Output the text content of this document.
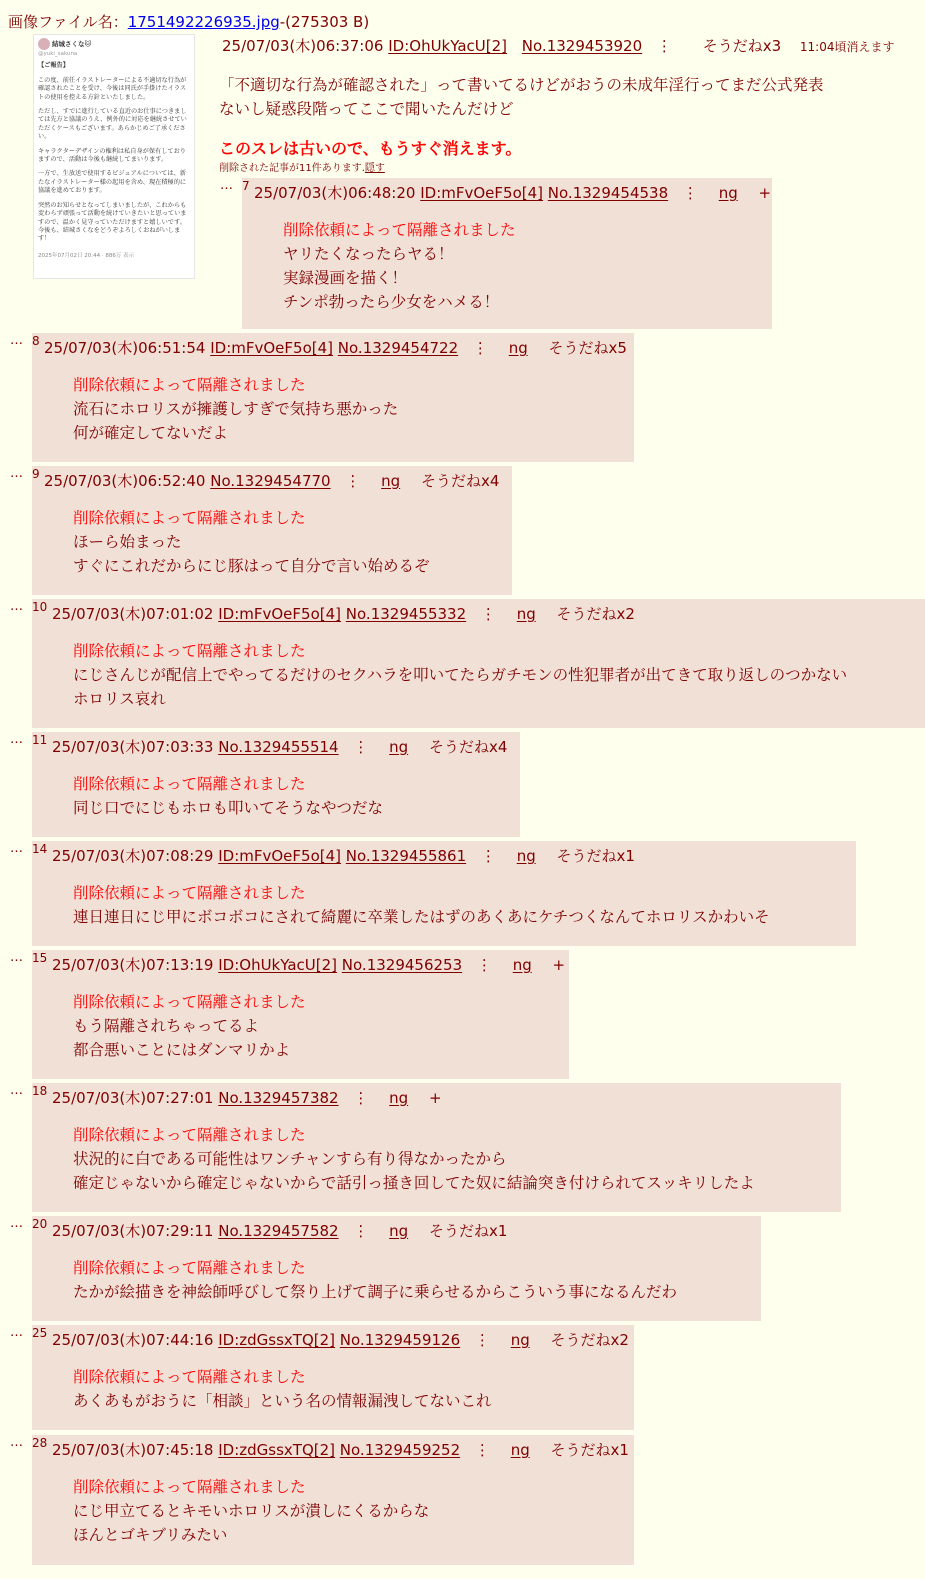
画像ファイル名：1751492226935.jpg-(275303 B)
結城さくな🐱
@yuki_sakuna

【ご報告】

この度、前任イラストレーターによる不適切な行為が確認されたことを受け、今後は同氏が手掛けたイラストの使用を控える方針といたしました。

ただし、すでに進行している直近のお仕事につきましては先方と協議のうえ、例外的に対応を継続させていただくケースもございます。あらかじめご了承ください。

キャラクターデザインの権利は私自身が保有しておりますので、活動は今後も継続してまいります。

一方で、生放送で使用するビジュアルについては、新たなイラストレーター様の起用を含め、現在積極的に協議を進めております。

突然のお知らせとなってしまいましたが、これからも変わらず頑張って活動を続けていきたいと思っていますので、温かく見守っていただけますと嬉しいです。今後も、結城さくなをどうぞよろしくおねがいします！

2025年07月02日 20:44 · 886万 表示
25/07/03(木)06:37:06 ID:OhUkYacU[2] No.1329453920 ⋮ そうだねx3 11:04頃消えます
「不適切な行為が確認された」って書いてるけどがおうの未成年淫行ってまだ公式発表
ないし疑惑段階ってここで聞いたんだけど
このスレは古いので、もうすぐ消えます。
削除された記事が11件あります.隠す
… 7 25/07/03(木)06:48:20 ID:mFvOeF5o[4] No.1329454538 ⋮ ng +
削除依頼によって隔離されました
ヤリたくなったらヤる！
実録漫画を描く！
チンポ勃ったら少女をハメる！
… 8 25/07/03(木)06:51:54 ID:mFvOeF5o[4] No.1329454722 ⋮ ng そうだねx5
削除依頼によって隔離されました
流石にホロリスが擁護しすぎで気持ち悪かった
何が確定してないだよ
… 9 25/07/03(木)06:52:40 No.1329454770 ⋮ ng そうだねx4
削除依頼によって隔離されました
ほーら始まった
すぐにこれだからにじ豚はって自分で言い始めるぞ
… 10 25/07/03(木)07:01:02 ID:mFvOeF5o[4] No.1329455332 ⋮ ng そうだねx2
削除依頼によって隔離されました
にじさんじが配信上でやってるだけのセクハラを叩いてたらガチモンの性犯罪者が出てきて取り返しのつかない
ホロリス哀れ
… 11 25/07/03(木)07:03:33 No.1329455514 ⋮ ng そうだねx4
削除依頼によって隔離されました
同じ口でにじもホロも叩いてそうなやつだな
… 14 25/07/03(木)07:08:29 ID:mFvOeF5o[4] No.1329455861 ⋮ ng そうだねx1
削除依頼によって隔離されました
連日連日にじ甲にボコボコにされて綺麗に卒業したはずのあくあにケチつくなんてホロリスかわいそ
… 15 25/07/03(木)07:13:19 ID:OhUkYacU[2] No.1329456253 ⋮ ng +
削除依頼によって隔離されました
もう隔離されちゃってるよ
都合悪いことにはダンマリかよ
… 18 25/07/03(木)07:27:01 No.1329457382 ⋮ ng +
削除依頼によって隔離されました
状況的に白である可能性はワンチャンすら有り得なかったから
確定じゃないから確定じゃないからで話引っ掻き回してた奴に結論突き付けられてスッキリしたよ
… 20 25/07/03(木)07:29:11 No.1329457582 ⋮ ng そうだねx1
削除依頼によって隔離されました
たかが絵描きを神絵師呼びして祭り上げて調子に乗らせるからこういう事になるんだわ
… 25 25/07/03(木)07:44:16 ID:zdGssxTQ[2] No.1329459126 ⋮ ng そうだねx2
削除依頼によって隔離されました
あくあもがおうに「相談」という名の情報漏洩してないこれ
… 28 25/07/03(木)07:45:18 ID:zdGssxTQ[2] No.1329459252 ⋮ ng そうだねx1
削除依頼によって隔離されました
にじ甲立てるとキモいホロリスが潰しにくるからな
ほんとゴキブリみたい
